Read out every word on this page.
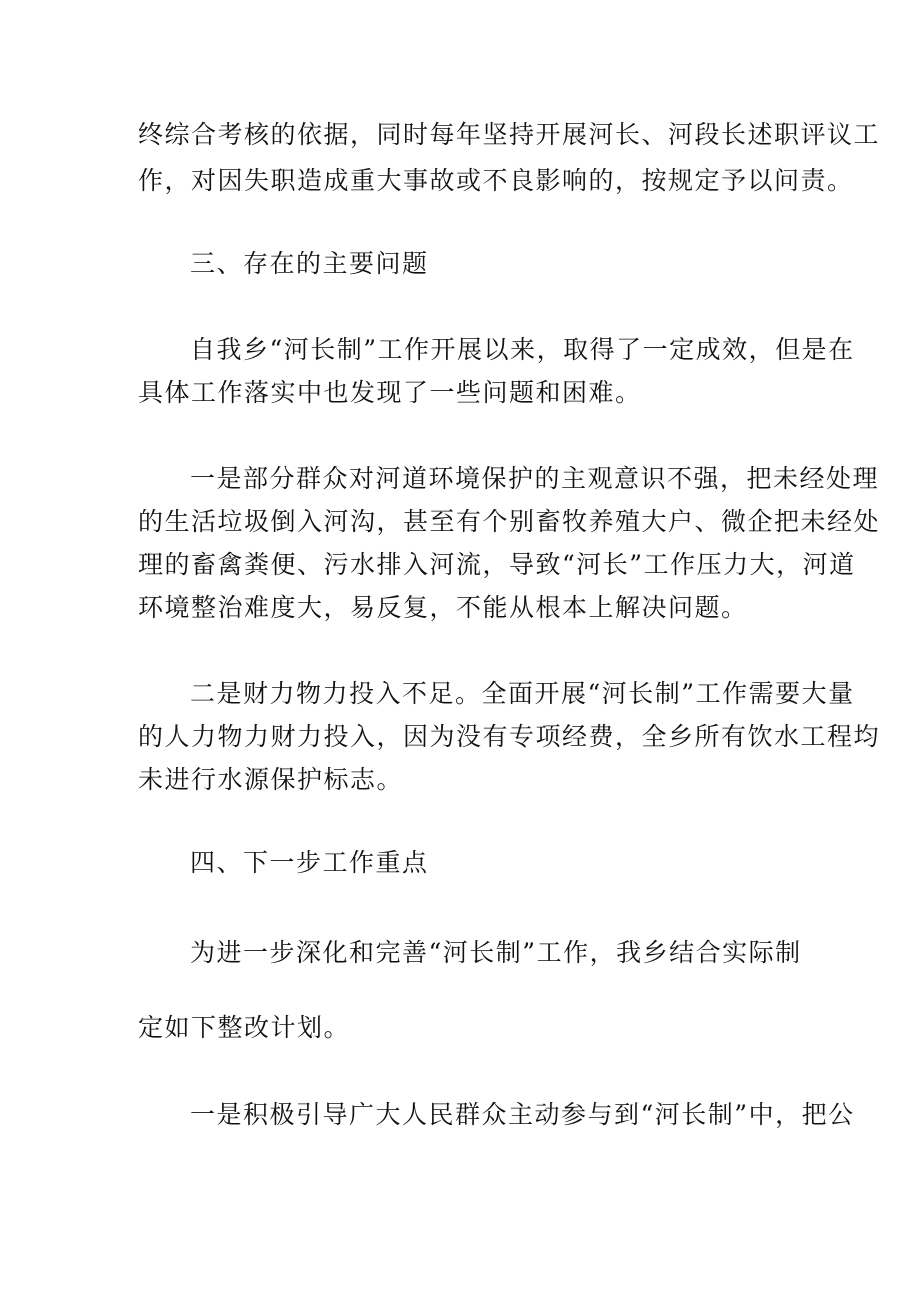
终综合考核的依据，同时每年坚持开展河长、河段长述职评议工
作，对因失职造成重大事故或不良影响的，按规定予以问责。
三、存在的主要问题
自我乡“河长制”工作开展以来，取得了一定成效，但是在
具体工作落实中也发现了一些问题和困难。
一是部分群众对河道环境保护的主观意识不强，把未经处理
的生活垃圾倒入河沟，甚至有个别畜牧养殖大户、微企把未经处
理的畜禽粪便、污水排入河流，导致“河长”工作压力大，河道
环境整治难度大，易反复，不能从根本上解决问题。
二是财力物力投入不足。全面开展“河长制”工作需要大量
的人力物力财力投入，因为没有专项经费，全乡所有饮水工程均
未进行水源保护标志。
四、下一步工作重点
为进一步深化和完善“河长制”工作，我乡结合实际制
定如下整改计划。
一是积极引导广大人民群众主动参与到“河长制”中，把公
